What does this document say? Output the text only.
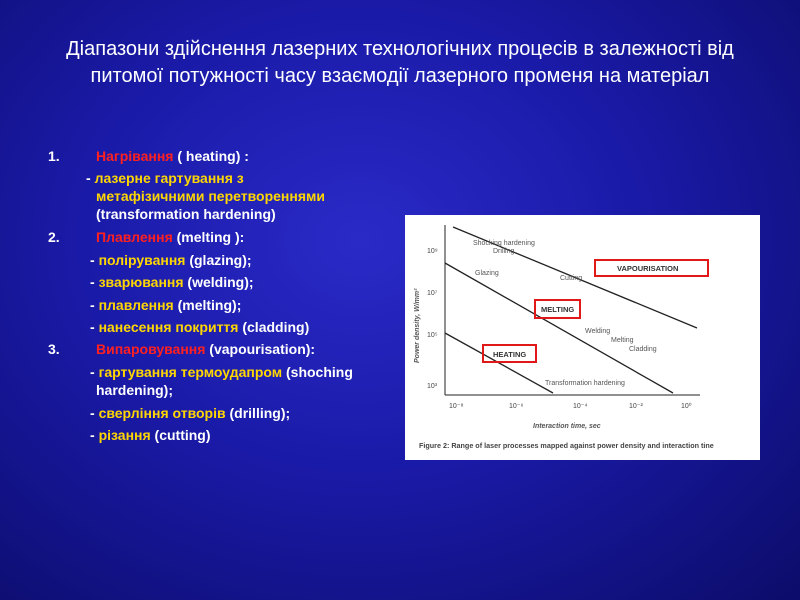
Діапазони здійснення лазерних технологічних процесів в залежності від питомої потужності часу взаємодії лазерного променя на матеріал
1.	Нагрівання ( heating) :
- лазерне гартування з
метафізичними перетвореннями
(transformation hardening)
2.	Плавлення (melting ):
- полірування (glazing);
- зварювання (welding);
- плавлення (melting);
- нанесення покриття (cladding)
3.	Випаровування (vapourisation):
- гартування термоудапром (shoching
hardening);
- сверління отворів (drilling);
- різання (cutting)
10⁹
10⁷
10⁵
10³
10⁻⁸	10⁻⁶	10⁻⁴	10⁻²	10⁰
Power density, W/mm²
Interaction time, sec
Shocking hardening
Drilling
Glazing
Cutting
Welding
Melting
Cladding
Transformation hardening
VAPOURISATION
MELTING
HEATING
Figure 2: Range of laser processes mapped against power density and interaction tine
